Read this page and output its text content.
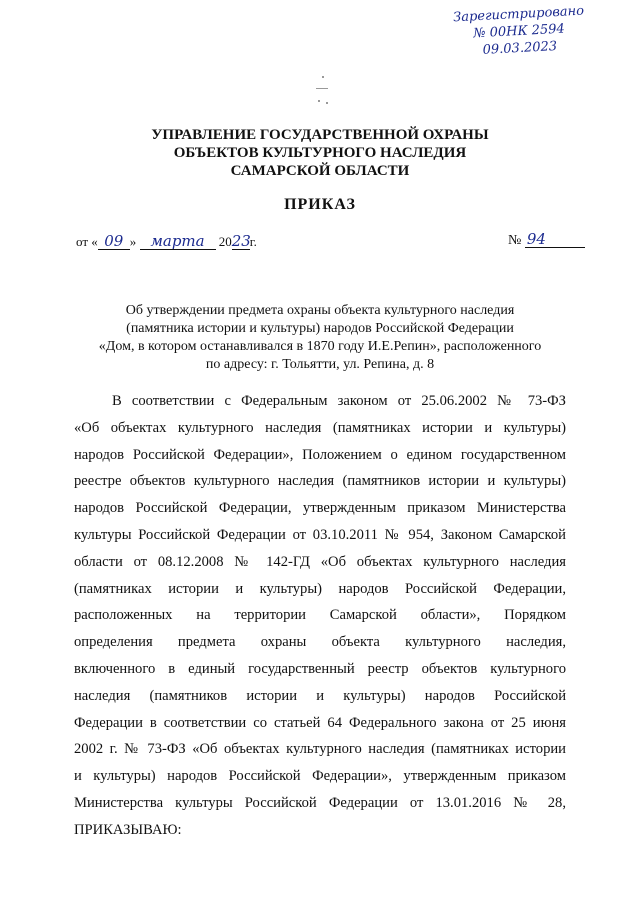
Зарегистрировано
№ 00НК 2594
09.03.2023
УПРАВЛЕНИЕ ГОСУДАРСТВЕННОЙ ОХРАНЫ
ОБЪЕКТОВ КУЛЬТУРНОГО НАСЛЕДИЯ
САМАРСКОЙ ОБЛАСТИ
ПРИКАЗ
от « 09 » марта 2023г.	№ 94
Об утверждении предмета охраны объекта культурного наследия
(памятника истории и культуры) народов Российской Федерации
«Дом, в котором останавливался в 1870 году И.Е.Репин», расположенного
по адресу: г. Тольятти, ул. Репина, д. 8
В соответствии с Федеральным законом от 25.06.2002 № 73-ФЗ
«Об объектах культурного наследия (памятниках истории и культуры)
народов Российской Федерации», Положением о едином государственном
реестре объектов культурного наследия (памятников истории и культуры)
народов Российской Федерации, утвержденным приказом Министерства
культуры Российской Федерации от 03.10.2011 № 954, Законом Самарской
области от 08.12.2008 № 142-ГД «Об объектах культурного наследия
(памятниках истории и культуры) народов Российской Федерации,
расположенных на территории Самарской области», Порядком
определения предмета охраны объекта культурного наследия,
включенного в единый государственный реестр объектов культурного
наследия (памятников истории и культуры) народов Российской
Федерации в соответствии со статьей 64 Федерального закона от 25 июня
2002 г. № 73-ФЗ «Об объектах культурного наследия (памятниках истории
и культуры) народов Российской Федерации», утвержденным приказом
Министерства культуры Российской Федерации от 13.01.2016 № 28,
ПРИКАЗЫВАЮ:
